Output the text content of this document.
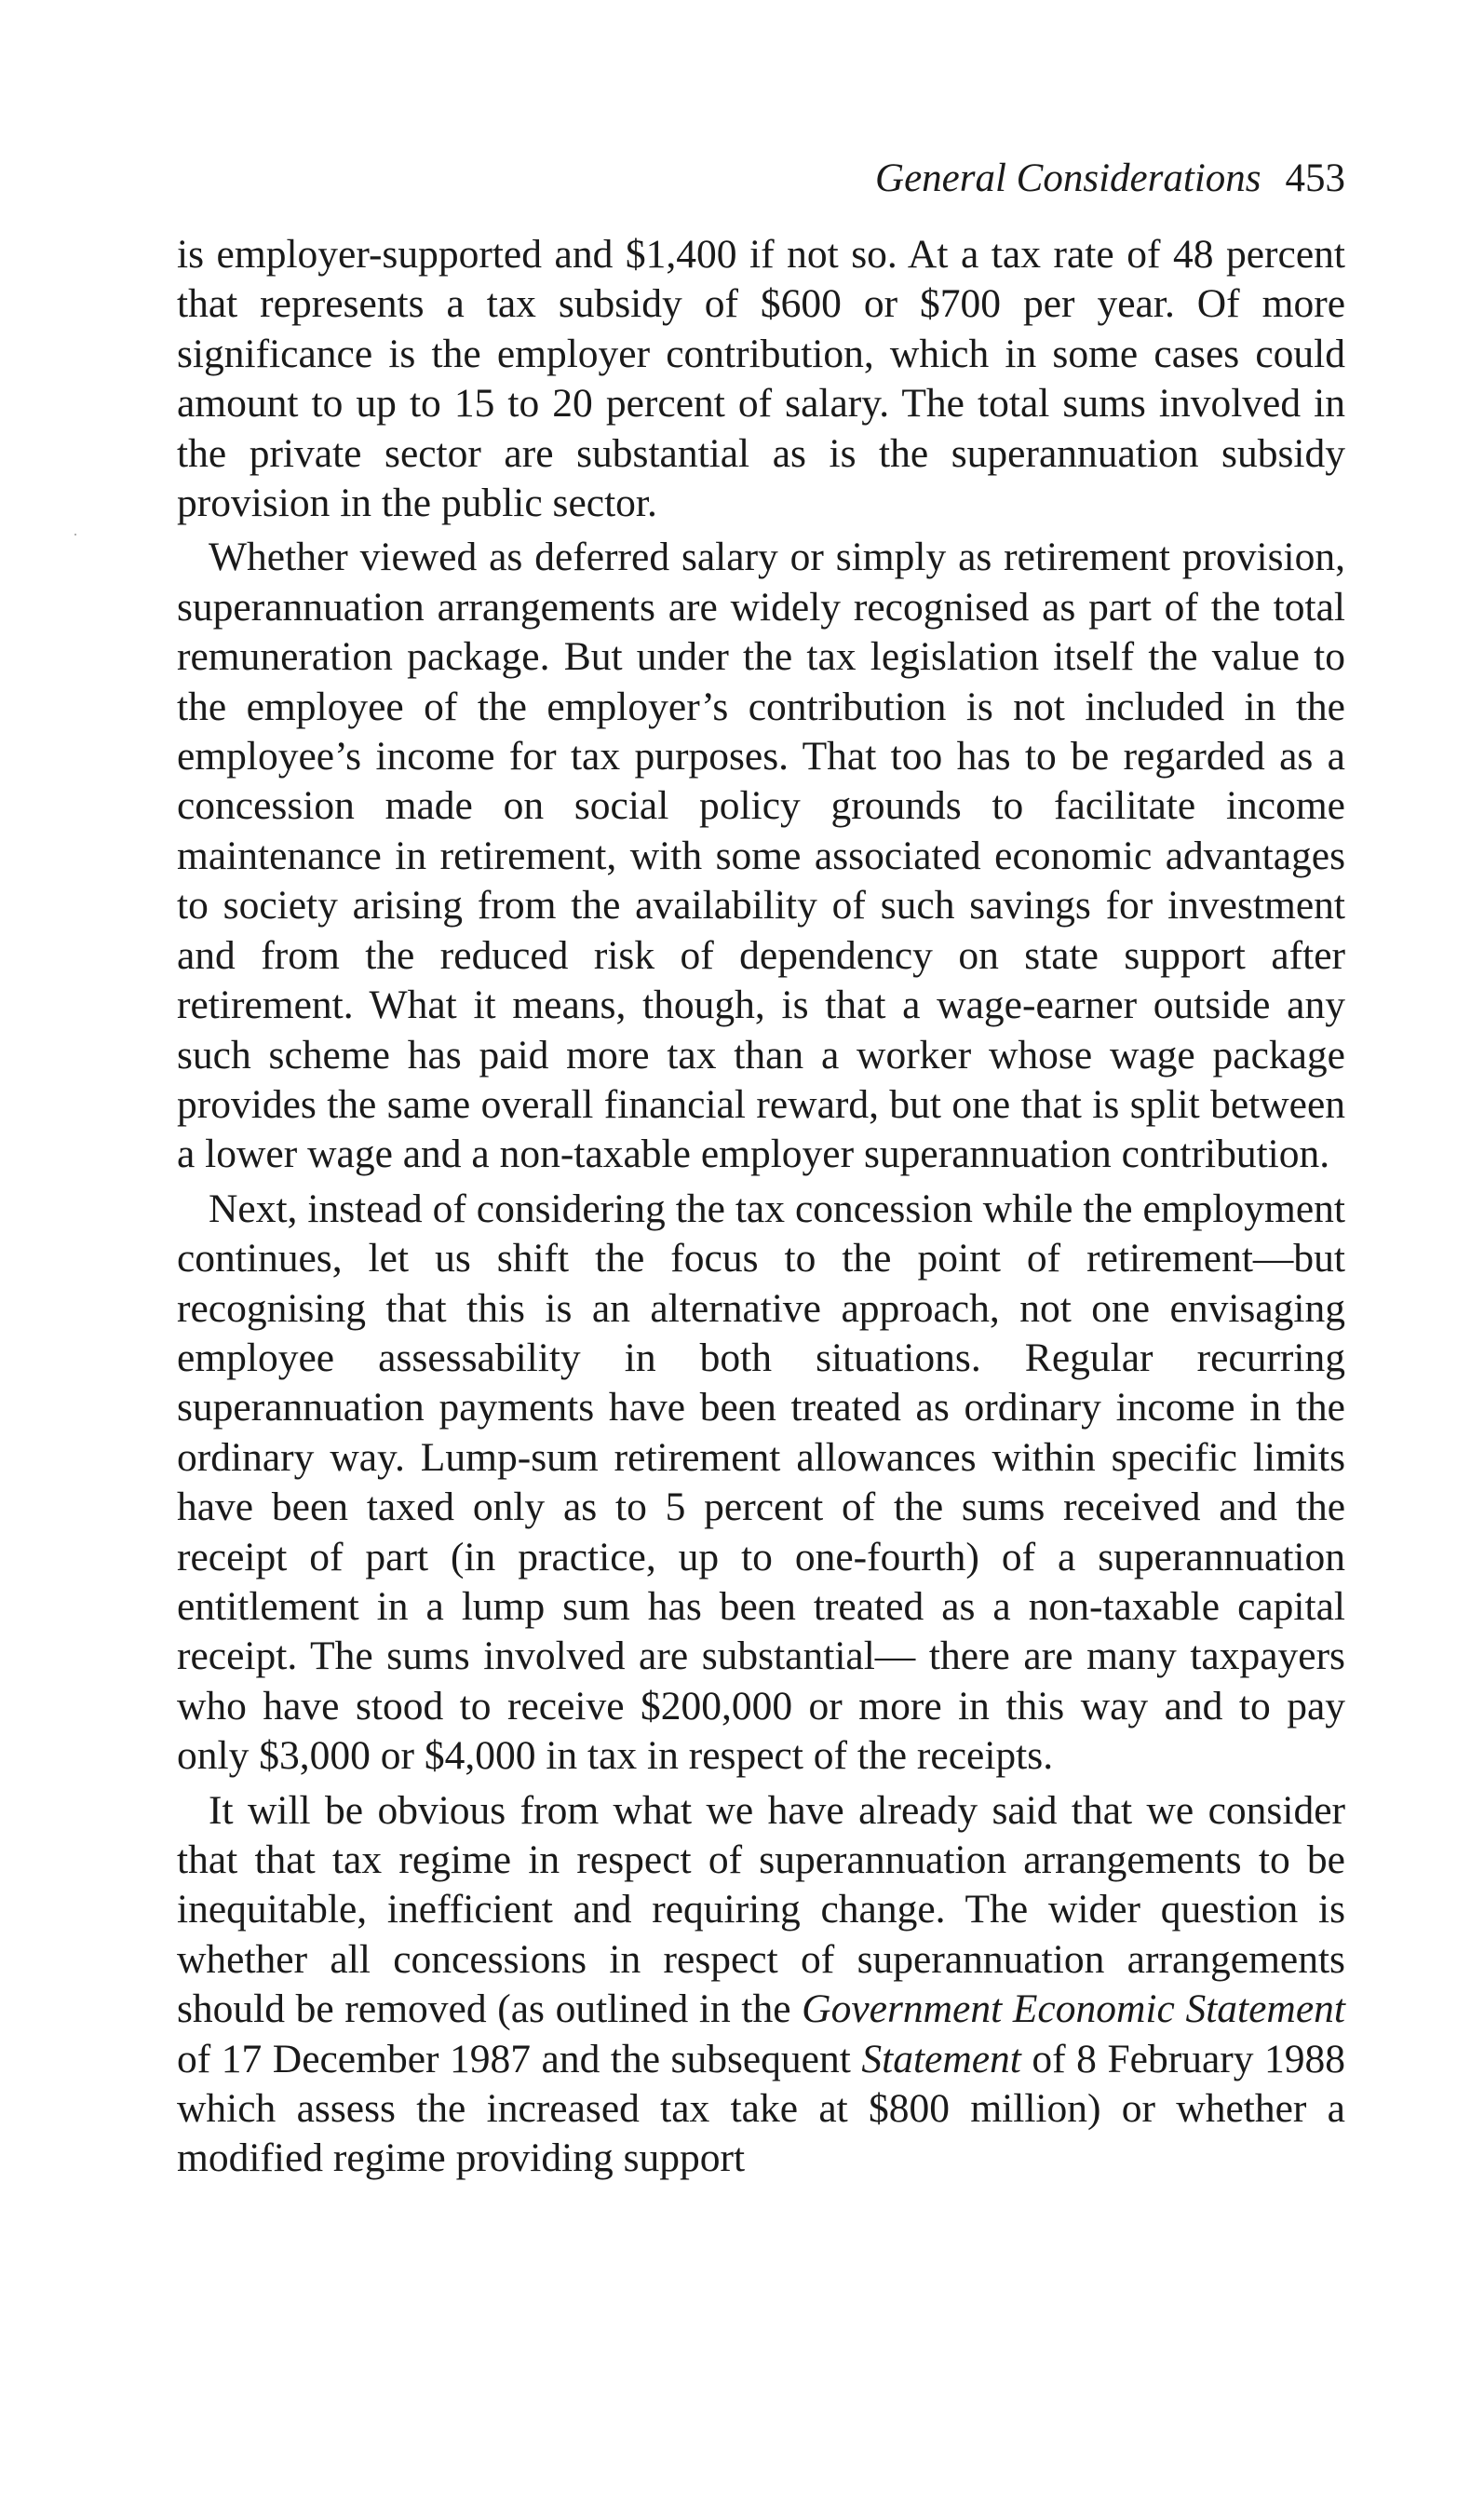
General Considerations 453

is employer-supported and $1,400 if not so. At a tax rate of 48 percent that represents a tax subsidy of $600 or $700 per year. Of more significance is the employer contribution, which in some cases could amount to up to 15 to 20 percent of salary. The total sums involved in the private sector are substantial as is the superannuation subsidy provision in the public sector.

Whether viewed as deferred salary or simply as retirement provision, superannuation arrangements are widely recognised as part of the total remuneration package. But under the tax legislation itself the value to the employee of the employer’s contribution is not included in the employee’s income for tax purposes. That too has to be regarded as a concession made on social policy grounds to facilitate income maintenance in retirement, with some associated economic advantages to society arising from the availability of such savings for investment and from the reduced risk of dependency on state support after retirement. What it means, though, is that a wage-earner outside any such scheme has paid more tax than a worker whose wage package provides the same overall financial reward, but one that is split between a lower wage and a non-taxable employer superannuation contribution.

Next, instead of considering the tax concession while the employment continues, let us shift the focus to the point of retirement—but recognising that this is an alternative approach, not one envisaging employee assessability in both situations. Regular recurring superannuation payments have been treated as ordinary income in the ordinary way. Lump-sum retirement allowances within specific limits have been taxed only as to 5 percent of the sums received and the receipt of part (in practice, up to one-fourth) of a superannuation entitlement in a lump sum has been treated as a non-taxable capital receipt. The sums involved are substantial— there are many taxpayers who have stood to receive $200,000 or more in this way and to pay only $3,000 or $4,000 in tax in respect of the receipts.

It will be obvious from what we have already said that we consider that that tax regime in respect of superannuation arrangements to be inequitable, inefficient and requiring change. The wider question is whether all concessions in respect of superannuation arrangements should be removed (as outlined in the Government Economic Statement of 17 December 1987 and the subsequent Statement of 8 February 1988 which assess the increased tax take at $800 million) or whether a modified regime providing support
